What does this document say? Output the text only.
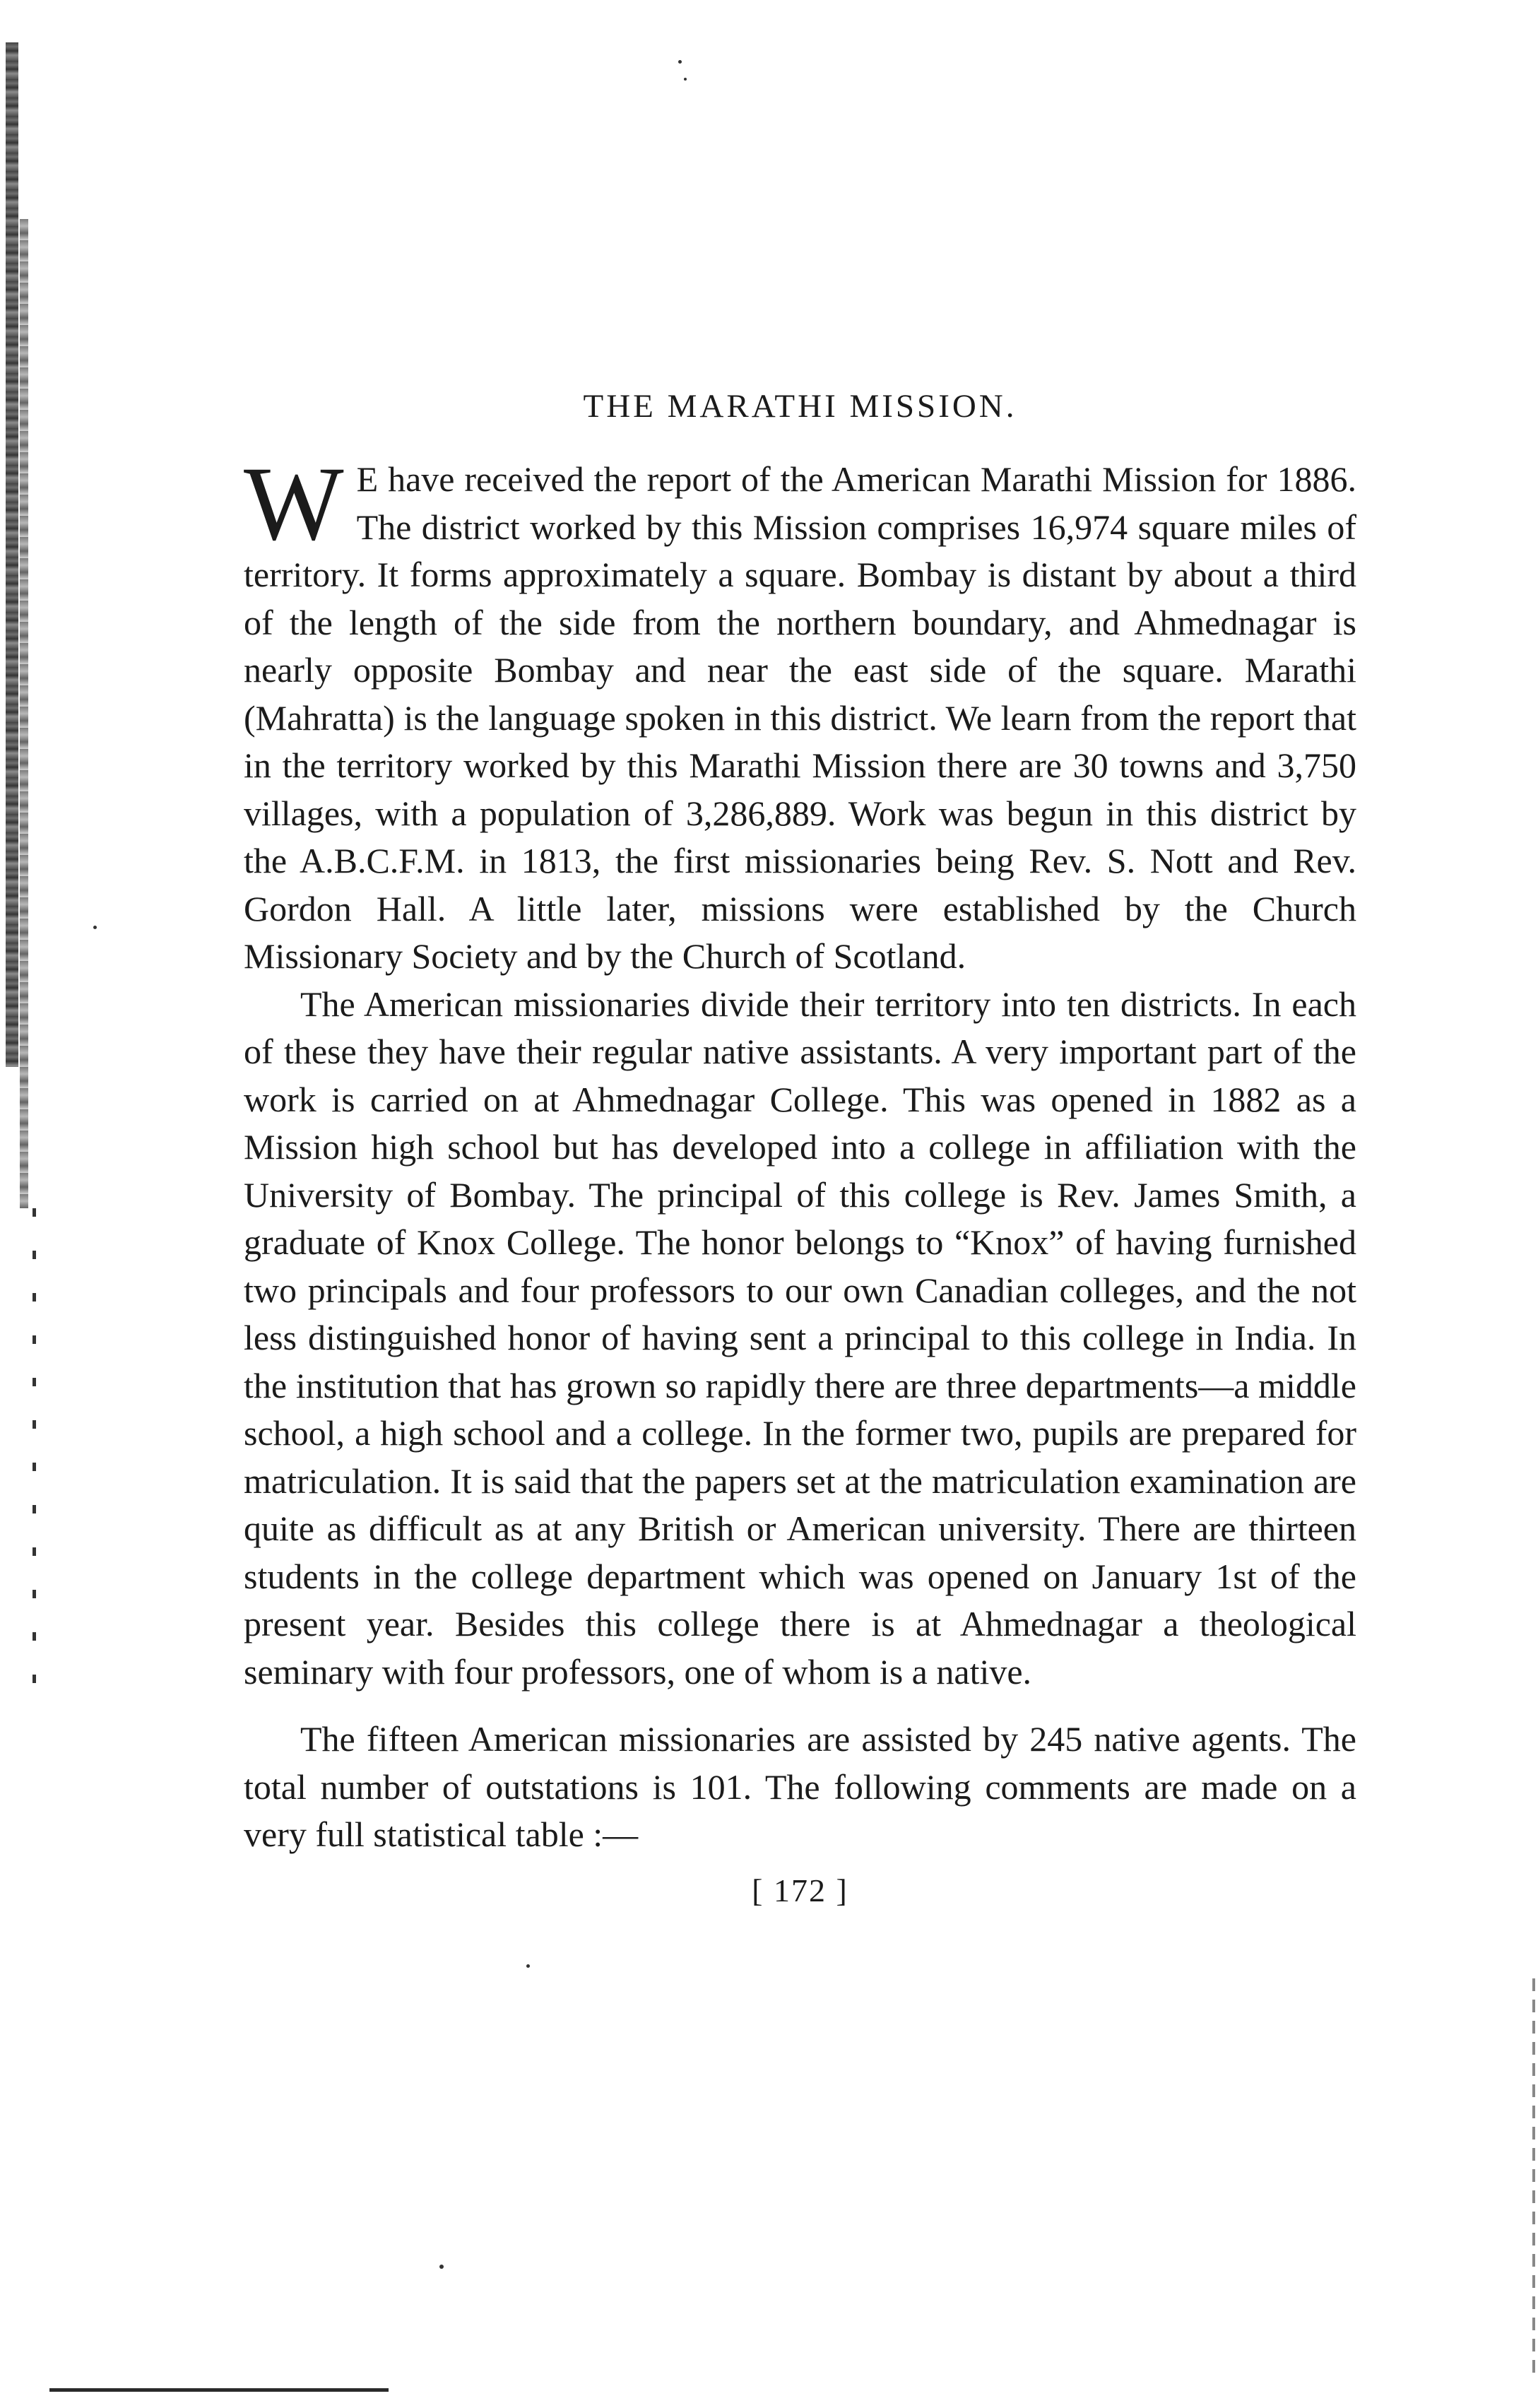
THE MARATHI MISSION.

W E have received the report of the American Marathi Mission for 1886. The district worked by this Mission comprises 16,974 square miles of territory. It forms approximately a square. Bombay is distant by about a third of the length of the side from the northern boundary, and Ahmednagar is nearly opposite Bombay and near the east side of the square. Marathi (Mahratta) is the language spoken in this district. We learn from the report that in the territory worked by this Marathi Mission there are 30 towns and 3,750 villages, with a population of 3,286,889. Work was begun in this district by the A.B.C.F.M. in 1813, the first missionaries being Rev. S. Nott and Rev. Gordon Hall. A little later, missions were established by the Church Missionary Society and by the Church of Scotland.

The American missionaries divide their territory into ten districts. In each of these they have their regular native assistants. A very important part of the work is carried on at Ahmednagar College. This was opened in 1882 as a Mission high school but has developed into a college in affiliation with the University of Bombay. The principal of this college is Rev. James Smith, a graduate of Knox College. The honor belongs to “Knox” of having furnished two principals and four professors to our own Canadian colleges, and the not less distinguished honor of having sent a principal to this college in India. In the institution that has grown so rapidly there are three departments—a middle school, a high school and a college. In the former two, pupils are prepared for matriculation. It is said that the papers set at the matriculation examination are quite as difficult as at any British or American university. There are thirteen students in the college department which was opened on January 1st of the present year. Besides this college there is at Ahmednagar a theological seminary with four professors, one of whom is a native.

The fifteen American missionaries are assisted by 245 native agents. The total number of outstations is 101. The following comments are made on a very full statistical table :—

[ 172 ]
